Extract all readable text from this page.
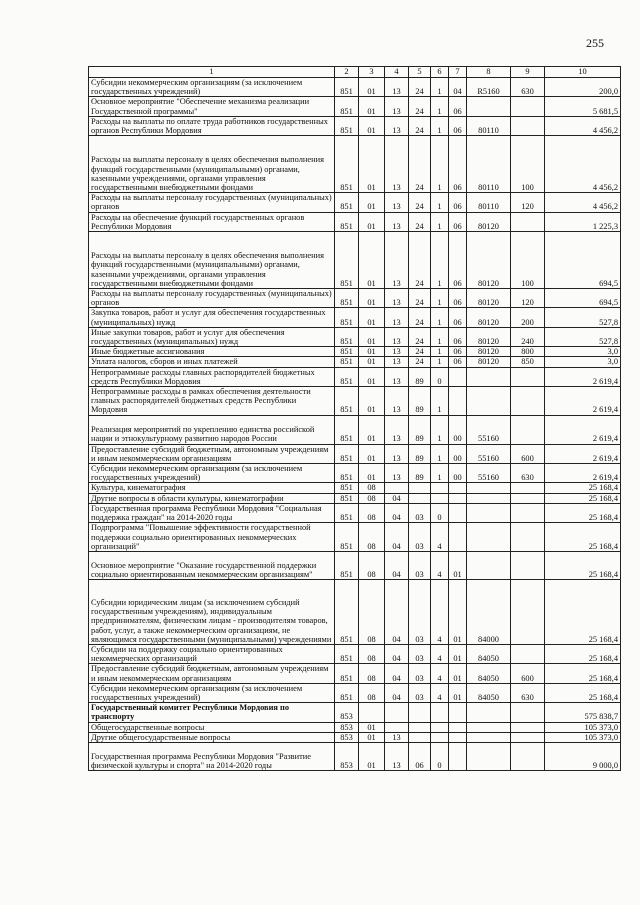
255
1	2	3	4	5	6	7	8	9	10
Субсидии некоммерческим организациям (за исключением государственных учреждений)	851	01	13	24	1	04	R5160	630	200,0
Основное мероприятие "Обеспечение механизма реализации Государственной программы"	851	01	13	24	1	06			5 681,5
Расходы на выплаты по оплате труда работников государственных органов Республики Мордовия	851	01	13	24	1	06	80110		4 456,2
Расходы на выплаты персоналу в целях обеспечения выполнения функций государственными (муниципальными) органами, казенными учреждениями, органами управления государственными внебюджетными фондами	851	01	13	24	1	06	80110	100	4 456,2
Расходы на выплаты персоналу государственных (муниципальных) органов	851	01	13	24	1	06	80110	120	4 456,2
Расходы на обеспечение функций государственных органов Республики Мордовия	851	01	13	24	1	06	80120		1 225,3
Расходы на выплаты персоналу в целях обеспечения выполнения функций государственными (муниципальными) органами, казенными учреждениями, органами управления государственными внебюджетными фондами	851	01	13	24	1	06	80120	100	694,5
Расходы на выплаты персоналу государственных (муниципальных) органов	851	01	13	24	1	06	80120	120	694,5
Закупка товаров, работ и услуг для обеспечения государственных (муниципальных) нужд	851	01	13	24	1	06	80120	200	527,8
Иные закупки товаров, работ и услуг для обеспечения государственных (муниципальных) нужд	851	01	13	24	1	06	80120	240	527,8
Иные бюджетные ассигнования	851	01	13	24	1	06	80120	800	3,0
Уплата налогов, сборов и иных платежей	851	01	13	24	1	06	80120	850	3,0
Непрограммные расходы главных распорядителей бюджетных средств Республики Мордовия	851	01	13	89	0				2 619,4
Непрограммные расходы в рамках обеспечения деятельности главных распорядителей бюджетных средств Республики Мордовия	851	01	13	89	1				2 619,4
Реализация мероприятий по укреплению единства российской нации и этнокультурному развитию народов России	851	01	13	89	1	00	55160		2 619,4
Предоставление субсидий бюджетным, автономным учреждениям и иным некоммерческим организациям	851	01	13	89	1	00	55160	600	2 619,4
Субсидии некоммерческим организациям (за исключением государственных учреждений)	851	01	13	89	1	00	55160	630	2 619,4
Культура, кинематография	851	08							25 168,4
Другие вопросы в области культуры, кинематографии	851	08	04						25 168,4
Государственная программа Республики Мордовия "Социальная поддержка граждан" на 2014-2020 годы	851	08	04	03	0				25 168,4
Подпрограмма "Повышение эффективности государственной поддержки социально ориентированных некоммерческих организаций"	851	08	04	03	4				25 168,4
Основное мероприятие "Оказание государственной поддержки социально ориентированным некоммерческим организациям"	851	08	04	03	4	01			25 168,4
Субсидии юридическим лицам (за исключением субсидий государственным учреждениям), индивидуальным предпринимателям, физическим лицам - производителям товаров, работ, услуг, а также некоммерческим организациям, не являющимся государственными (муниципальными) учреждениями	851	08	04	03	4	01	84000		25 168,4
Субсидии на поддержку социально ориентированных некоммерческих организаций	851	08	04	03	4	01	84050		25 168,4
Предоставление субсидий бюджетным, автономным учреждениям и иным некоммерческим организациям	851	08	04	03	4	01	84050	600	25 168,4
Субсидии некоммерческим организациям (за исключением государственных учреждений)	851	08	04	03	4	01	84050	630	25 168,4
Государственный комитет Республики Мордовия по транспорту	853								575 838,7
Общегосударственные вопросы	853	01							105 373,0
Другие общегосударственные вопросы	853	01	13						105 373,0
Государственная программа Республики Мордовия "Развитие физической культуры и спорта" на 2014-2020 годы	853	01	13	06	0				9 000,0
